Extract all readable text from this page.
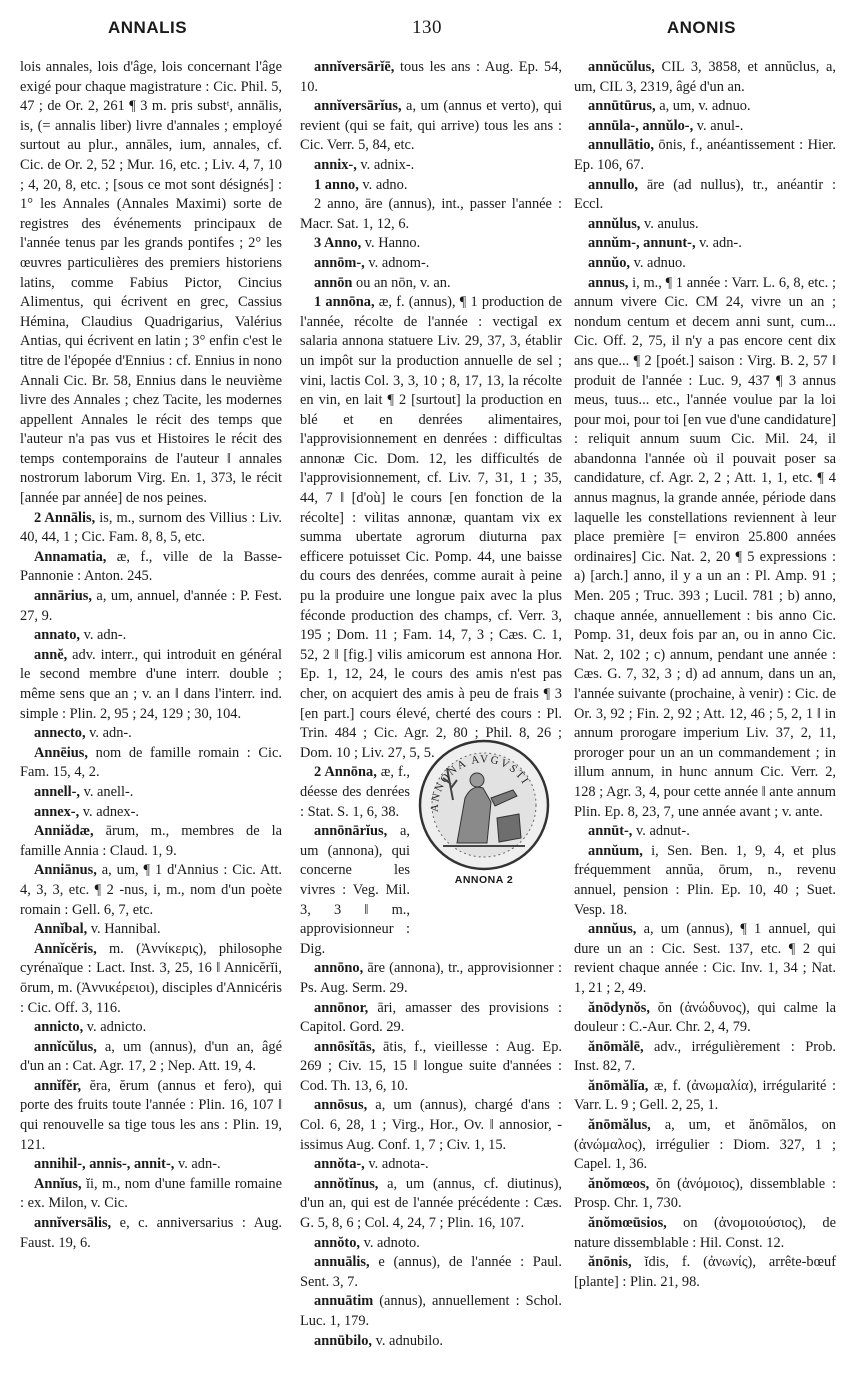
ANNALIS	130	ANONIS

lois annales, lois d'âge, lois concernant l'âge exigé pour chaque magistrature : Cic. Phil. 5, 47 ; de Or. 2, 261 ¶ 3 m. pris substᵗ, annālis, is, (= annalis liber) livre d'annales ; employé surtout au plur., annāles, ium, annales, cf. Cic. de Or. 2, 52 ; Mur. 16, etc. ; Liv. 4, 7, 10 ; 4, 20, 8, etc. ; [sous ce mot sont désignés] : 1° les Annales (Annales Maximi) sorte de registres des événements principaux de l'année tenus par les grands pontifes ; 2° les œuvres particulières des premiers historiens latins, comme Fabius Pictor, Cincius Alimentus, qui écrivent en grec, Cassius Hémina, Claudius Quadrigarius, Valérius Antias, qui écrivent en latin ; 3° enfin c'est le titre de l'épopée d'Ennius : cf. Ennius in nono Annali Cic. Br. 58, Ennius dans le neuvième livre des Annales ; chez Tacite, les modernes appellent Annales le récit des temps que l'auteur n'a pas vus et Histoires le récit des temps contemporains de l'auteur ‖ annales nostrorum laborum Virg. En. 1, 373, le récit [année par année] de nos peines.

2 Annālis, is, m., surnom des Villius : Liv. 40, 44, 1 ; Cic. Fam. 8, 8, 5, etc.

Annamatia, æ, f., ville de la Basse-Pannonie : Anton. 245.

annārius, a, um, annuel, d'année : P. Fest. 27, 9.

annato, v. adn-.

annĕ, adv. interr., qui introduit en général le second membre d'une interr. double ; même sens que an ; v. an ‖ dans l'interr. ind. simple : Plin. 2, 95 ; 24, 129 ; 30, 104.

annecto, v. adn-.

Annēius, nom de famille romain : Cic. Fam. 15, 4, 2.

annell-, v. anell-.

annex-, v. adnex-.

Anniădæ, ārum, m., membres de la famille Annia : Claud. 1, 9.

Anniānus, a, um, ¶ 1 d'Annius : Cic. Att. 4, 3, 3, etc. ¶ 2 -nus, i, m., nom d'un poète romain : Gell. 6, 7, etc.

Annĭbal, v. Hannibal.

Annĭcĕris, m. (Ἀννίκερις), philosophe cyrénaïque : Lact. Inst. 3, 25, 16 ‖ Annicĕrĭi, ōrum, m. (Ἀννικέρειοι), disciples d'Annicéris : Cic. Off. 3, 116.

annicto, v. adnicto.

annĭcŭlus, a, um (annus), d'un an, âgé d'un an : Cat. Agr. 17, 2 ; Nep. Att. 19, 4.

annĭfĕr, ĕra, ĕrum (annus et fero), qui porte des fruits toute l'année : Plin. 16, 107 ‖ qui renouvelle sa tige tous les ans : Plin. 19, 121.

annihil-, annis-, annit-, v. adn-.

Annĭus, ĭi, m., nom d'une famille romaine : ex. Milon, v. Cic.

annĭversālis, e, c. anniversarius : Aug. Faust. 19, 6.

annĭversārĭē, tous les ans : Aug. Ep. 54, 10.

annĭversārĭus, a, um (annus et verto), qui revient (qui se fait, qui arrive) tous les ans : Cic. Verr. 5, 84, etc.

annix-, v. adnix-.

1 anno, v. adno.

2 anno, āre (annus), int., passer l'année : Macr. Sat. 1, 12, 6.

3 Anno, v. Hanno.

annōm-, v. adnom-.

annōn ou an nōn, v. an.

1 annōna, æ, f. (annus), ¶ 1 production de l'année, récolte de l'année : vectigal ex salaria annona statuere Liv. 29, 37, 3, établir un impôt sur la production annuelle de sel ; vini, lactis Col. 3, 3, 10 ; 8, 17, 13, la récolte en vin, en lait ¶ 2 [surtout] la production en blé et en denrées alimentaires, l'approvisionnement en denrées : difficultas annonæ Cic. Dom. 12, les difficultés de l'approvisionnement, cf. Liv. 7, 31, 1 ; 35, 44, 7 ‖ [d'où] le cours [en fonction de la récolte] : vilitas annonæ, quantam vix ex summa ubertate agrorum diuturna pax efficere potuisset Cic. Pomp. 44, une baisse du cours des denrées, comme aurait à peine pu la produire une longue paix avec la plus féconde production des champs, cf. Verr. 3, 195 ; Dom. 11 ; Fam. 14, 7, 3 ; Cæs. C. 1, 52, 2 ‖ [fig.] vilis amicorum est annona Hor. Ep. 1, 12, 24, le cours des amis n'est pas cher, on acquiert des amis à peu de frais ¶ 3 [en part.] cours élevé, cherté des cours : Pl. Trin. 484 ; Cic. Agr. 2, 80 ; Phil. 8, 26 ; Dom. 10 ; Liv. 27, 5, 5.

2 Annōna, æ, f., déesse des denrées : Stat. S. 1, 6, 38.

annōnārĭus, a, um (annona), qui concerne les vivres : Veg. Mil. 3, 3 ‖ m., approvisionneur : Dig.

annōno, āre (annona), tr., approvisionner : Ps. Aug. Serm. 29.

annōnor, āri, amasser des provisions : Capitol. Gord. 29.

annōsĭtās, ātis, f., vieillesse : Aug. Ep. 269 ; Civ. 15, 15 ‖ longue suite d'années : Cod. Th. 13, 6, 10.

annōsus, a, um (annus), chargé d'ans : Col. 6, 28, 1 ; Virg., Hor., Ov. ‖ annosior, -issimus Aug. Conf. 1, 7 ; Civ. 1, 15.

annŏta-, v. adnota-.

annŏtĭnus, a, um (annus, cf. diutinus), d'un an, qui est de l'année précédente : Cæs. G. 5, 8, 6 ; Col. 4, 24, 7 ; Plin. 16, 107.

annŏto, v. adnoto.

annuālis, e (annus), de l'année : Paul. Sent. 3, 7.

annuātim (annus), annuellement : Schol. Luc. 1, 179.

annūbilo, v. adnubilo.

annŭcŭlus, CIL 3, 3858, et annŭclus, a, um, CIL 3, 2319, âgé d'un an.

annūtūrus, a, um, v. adnuo.

annūla-, annŭlo-, v. anul-.

annullātio, ōnis, f., anéantissement : Hier. Ep. 106, 67.

annullo, āre (ad nullus), tr., anéantir : Eccl.

annŭlus, v. anulus.

annŭm-, annunt-, v. adn-.

annŭo, v. adnuo.

annus, i, m., ¶ 1 année : Varr. L. 6, 8, etc. ; annum vivere Cic. CM 24, vivre un an ; nondum centum et decem anni sunt, cum... Cic. Off. 2, 75, il n'y a pas encore cent dix ans que... ¶ 2 [poét.] saison : Virg. B. 2, 57 ‖ produit de l'année : Luc. 9, 437 ¶ 3 annus meus, tuus... etc., l'année voulue par la loi pour moi, pour toi [en vue d'une candidature] : reliquit annum suum Cic. Mil. 24, il abandonna l'année où il pouvait poser sa candidature, cf. Agr. 2, 2 ; Att. 1, 1, etc. ¶ 4 annus magnus, la grande année, période dans laquelle les constellations reviennent à leur place première [= environ 25.800 années ordinaires] Cic. Nat. 2, 20 ¶ 5 expressions : a) [arch.] anno, il y a un an : Pl. Amp. 91 ; Men. 205 ; Truc. 393 ; Lucil. 781 ; b) anno, chaque année, annuellement : bis anno Cic. Pomp. 31, deux fois par an, ou in anno Cic. Nat. 2, 102 ; c) annum, pendant une année : Cæs. G. 7, 32, 3 ; d) ad annum, dans un an, l'année suivante (prochaine, à venir) : Cic. de Or. 3, 92 ; Fin. 2, 92 ; Att. 12, 46 ; 5, 2, 1 ‖ in annum prorogare imperium Liv. 37, 2, 11, proroger pour un an un commandement ; in illum annum, in hunc annum Cic. Verr. 2, 128 ; Agr. 3, 4, pour cette année ‖ ante annum Plin. Ep. 8, 23, 7, une année avant ; v. ante.

annūt-, v. adnut-.

annŭum, i, Sen. Ben. 1, 9, 4, et plus fréquemment annŭa, ōrum, n., revenu annuel, pension : Plin. Ep. 10, 40 ; Suet. Vesp. 18.

annŭus, a, um (annus), ¶ 1 annuel, qui dure un an : Cic. Sest. 137, etc. ¶ 2 qui revient chaque année : Cic. Inv. 1, 34 ; Nat. 1, 21 ; 2, 49.

ănōdynŏs, ŏn (ἀνώδυνος), qui calme la douleur : C.-Aur. Chr. 2, 4, 79.

ănōmălē, adv., irrégulièrement : Prob. Inst. 82, 7.

ănōmălĭa, æ, f. (ἀνωμαλία), irrégularité : Varr. L. 9 ; Gell. 2, 25, 1.

ănōmălus, a, um, et ănōmălos, on (ἀνώμαλος), irrégulier : Diom. 327, 1 ; Capel. 1, 36.

ănŏmœos, ŏn (ἀνόμοιος), dissemblable : Prosp. Chr. 1, 730.

ănŏmœūsios, on (ἀνομοιούσιος), de nature dissemblable : Hil. Const. 12.

ănōnis, ĭdis, f. (ἀνωνίς), arrête-bœuf [plante] : Plin. 21, 98.

ANNONA AVGVSTI
ANNONA 2
